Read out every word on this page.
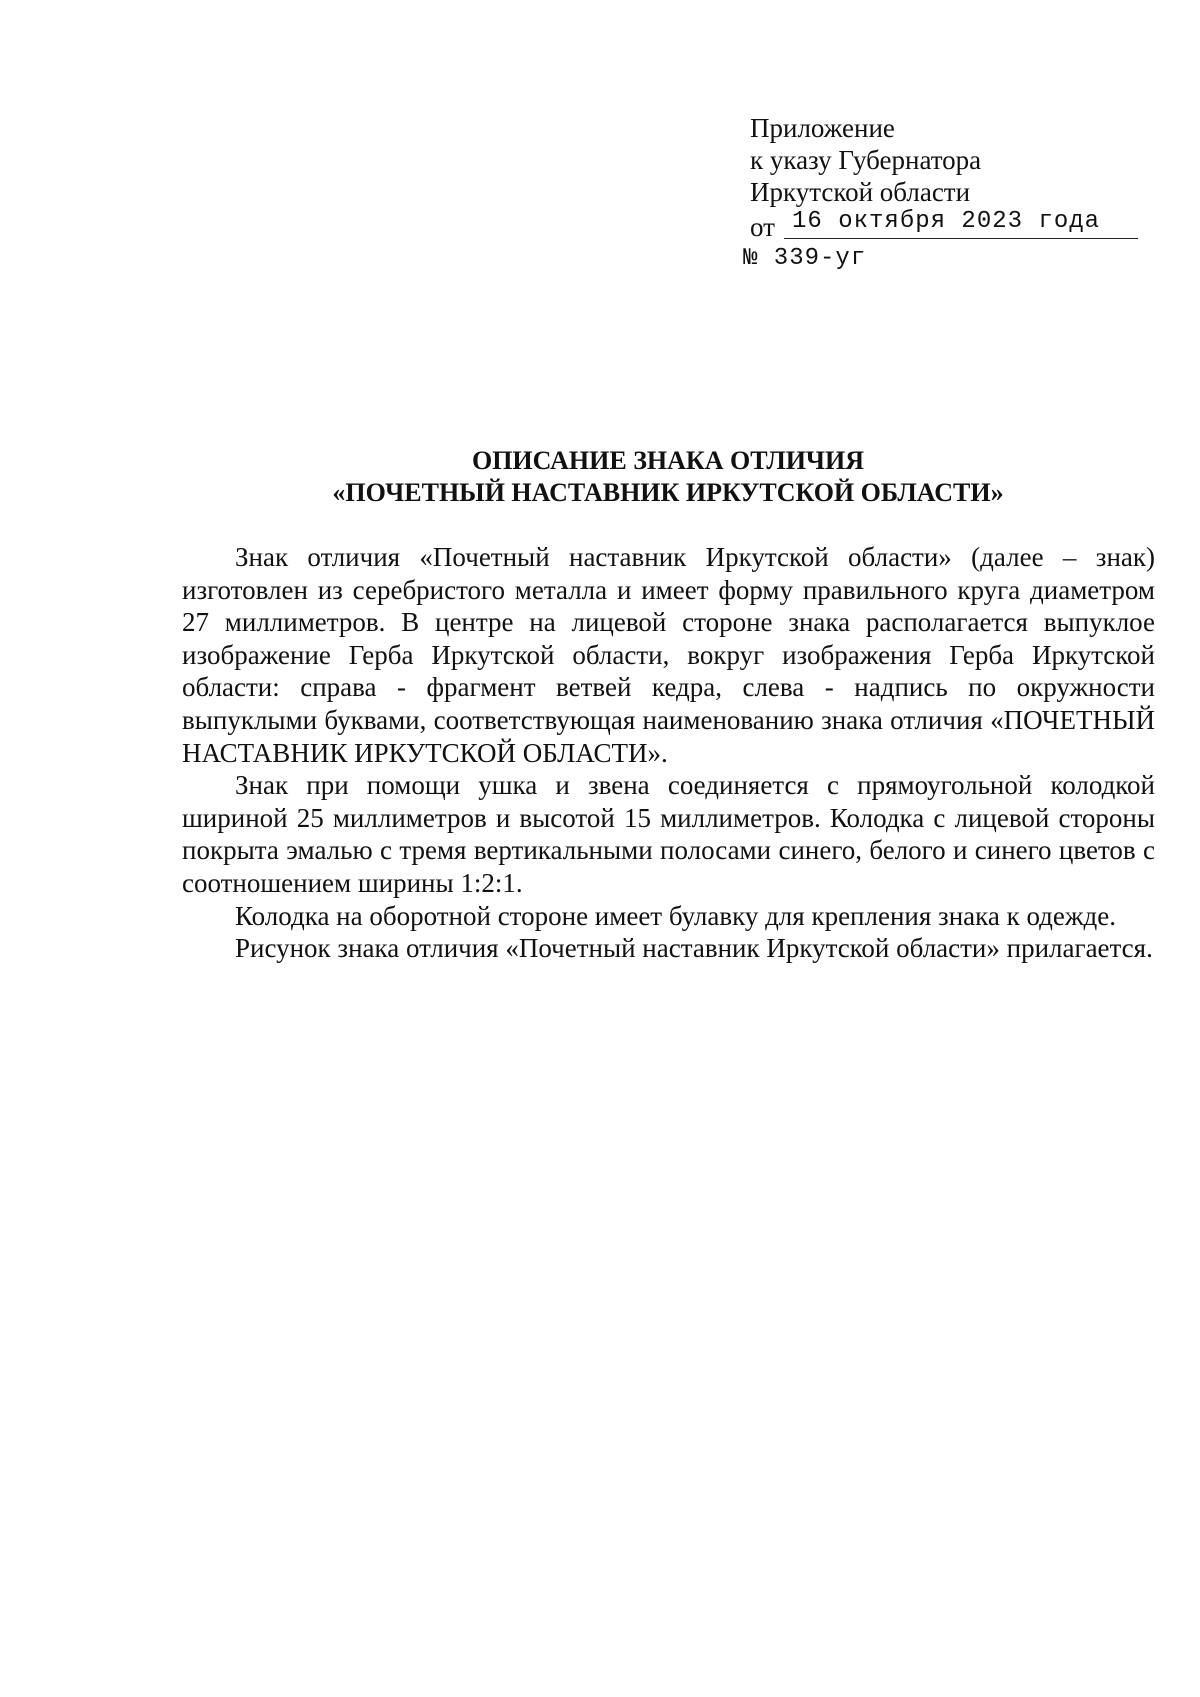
Приложение
к указу Губернатора
Иркутской области
от 16 октября 2023 года
№ 339-уг
ОПИСАНИЕ ЗНАКА ОТЛИЧИЯ
«ПОЧЕТНЫЙ НАСТАВНИК ИРКУТСКОЙ ОБЛАСТИ»

Знак отличия «Почетный наставник Иркутской области» (далее – знак) изготовлен из серебристого металла и имеет форму правильного круга диаметром 27 миллиметров. В центре на лицевой стороне знака располагается выпуклое изображение Герба Иркутской области, вокруг изображения Герба Иркутской области: справа - фрагмент ветвей кедра, слева - надпись по окружности выпуклыми буквами, соответствующая наименованию знака отличия «ПОЧЕТНЫЙ НАСТАВНИК ИРКУТСКОЙ ОБЛАСТИ».

Знак при помощи ушка и звена соединяется с прямоугольной колодкой шириной 25 миллиметров и высотой 15 миллиметров. Колодка с лицевой стороны покрыта эмалью с тремя вертикальными полосами синего, белого и синего цветов с соотношением ширины 1:2:1.

Колодка на оборотной стороне имеет булавку для крепления знака к одежде.

Рисунок знака отличия «Почетный наставник Иркутской области» прилагается.
